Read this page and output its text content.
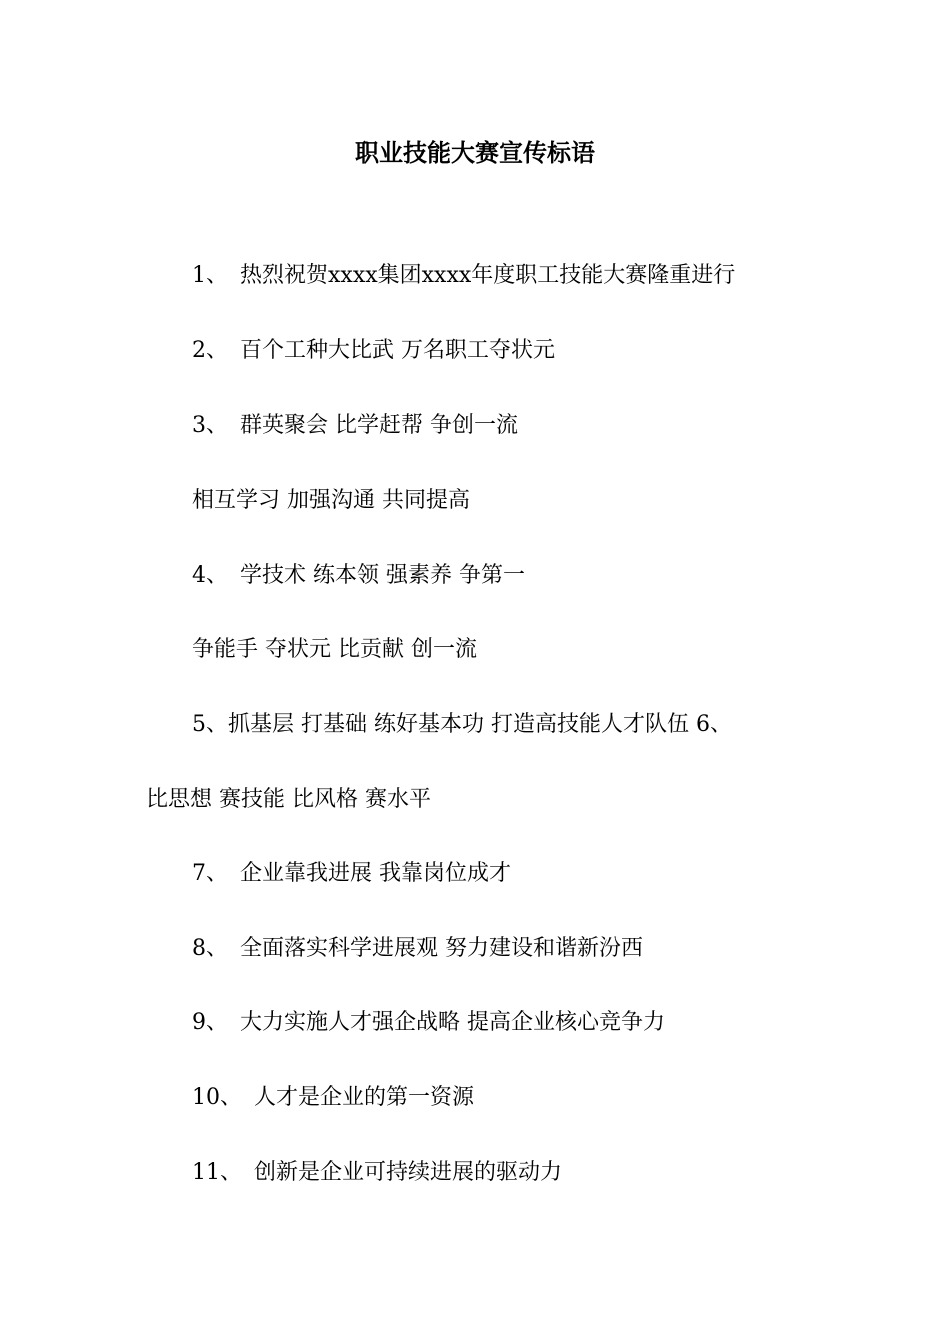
职业技能大赛宣传标语
1、 热烈祝贺xxxx集团xxxx年度职工技能大赛隆重进行
2、 百个工种大比武 万名职工夺状元
3、 群英聚会 比学赶帮 争创一流
相互学习 加强沟通 共同提高
4、 学技术 练本领 强素养 争第一
争能手 夺状元 比贡献 创一流
5、抓基层 打基础 练好基本功 打造高技能人才队伍 6、
比思想 赛技能 比风格 赛水平
7、 企业靠我进展 我靠岗位成才
8、 全面落实科学进展观 努力建设和谐新汾西
9、 大力实施人才强企战略 提高企业核心竞争力
10、 人才是企业的第一资源
11、 创新是企业可持续进展的驱动力
